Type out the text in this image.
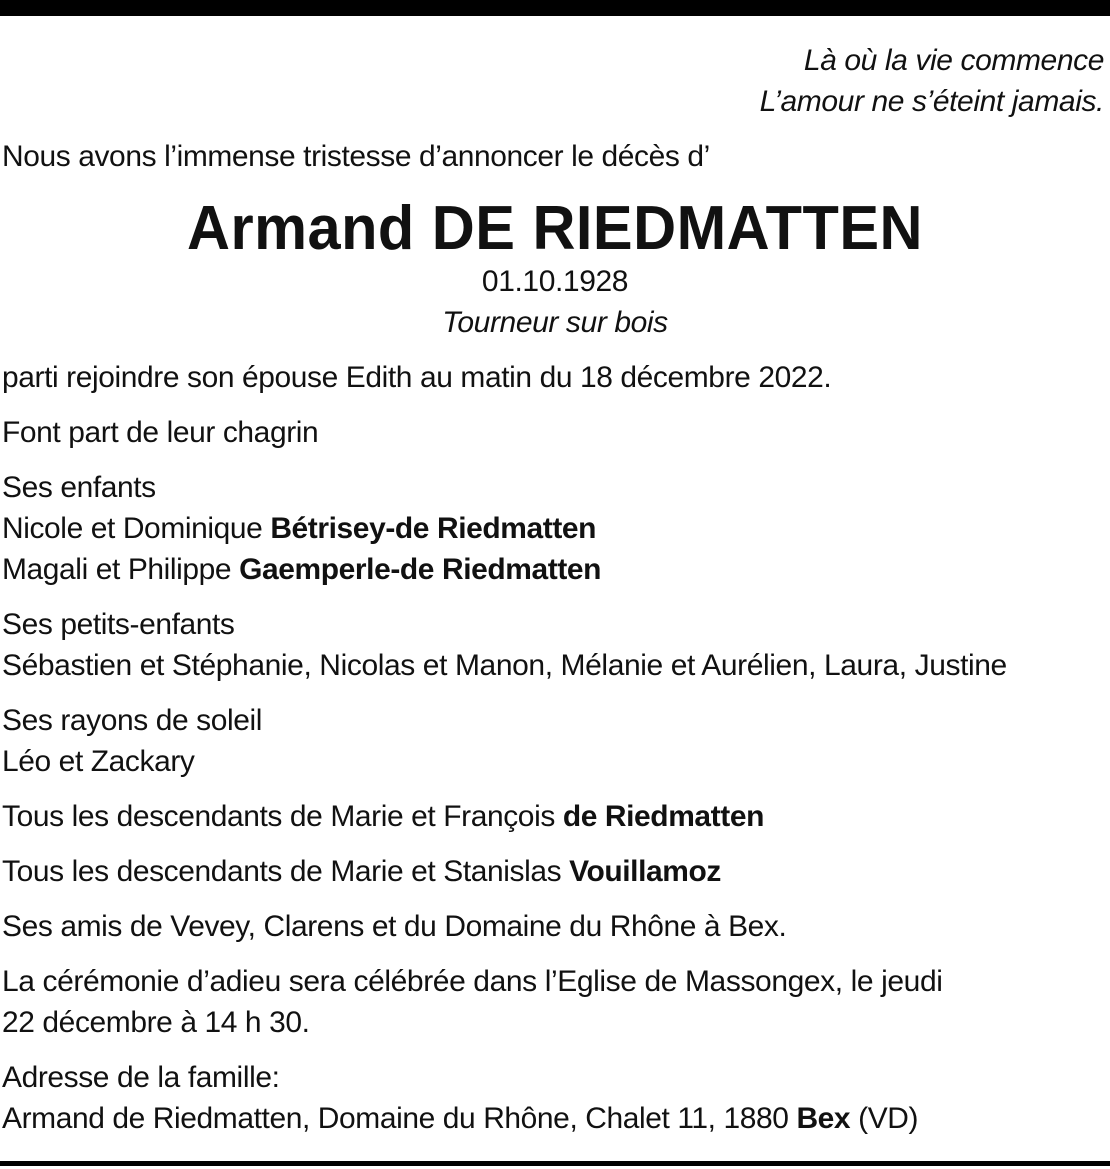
Là où la vie commence
L’amour ne s’éteint jamais.
Nous avons l’immense tristesse d’annoncer le décès d’
Armand DE RIEDMATTEN
01.10.1928
Tourneur sur bois
parti rejoindre son épouse Edith au matin du 18 décembre 2022.
Font part de leur chagrin
Ses enfants
Nicole et Dominique Bétrisey-de Riedmatten
Magali et Philippe Gaemperle-de Riedmatten
Ses petits-enfants
Sébastien et Stéphanie, Nicolas et Manon, Mélanie et Aurélien, Laura, Justine
Ses rayons de soleil
Léo et Zackary
Tous les descendants de Marie et François de Riedmatten
Tous les descendants de Marie et Stanislas Vouillamoz
Ses amis de Vevey, Clarens et du Domaine du Rhône à Bex.
La cérémonie d’adieu sera célébrée dans l’Eglise de Massongex, le jeudi
22 décembre à 14 h 30.
Adresse de la famille:
Armand de Riedmatten, Domaine du Rhône, Chalet 11, 1880 Bex (VD)
